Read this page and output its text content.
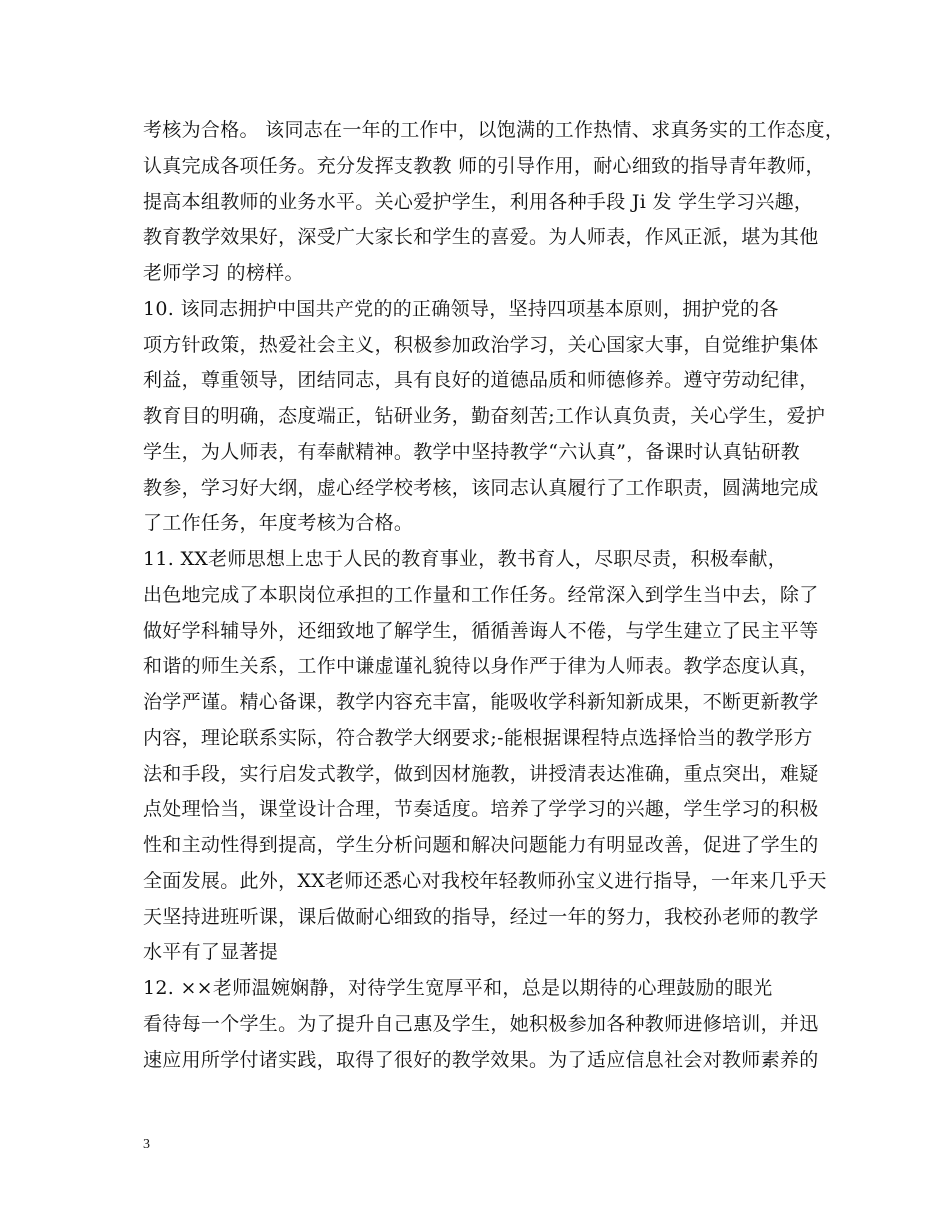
考核为合格。 该同志在一年的工作中，以饱满的工作热情、求真务实的工作态度，
认真完成各项任务。充分发挥支教教 师的引导作用，耐心细致的指导青年教师，
提高本组教师的业务水平。关心爱护学生，利用各种手段 Ji 发 学生学习兴趣，
教育教学效果好，深受广大家长和学生的喜爱。为人师表，作风正派，堪为其他
老师学习 的榜样。
10. 该同志拥护中国共产党的的正确领导，坚持四项基本原则，拥护党的各
项方针政策，热爱社会主义，积极参加政治学习，关心国家大事，自觉维护集体
利益，尊重领导，团结同志，具有良好的道德品质和师德修养。遵守劳动纪律，
教育目的明确，态度端正，钻研业务，勤奋刻苦;工作认真负责，关心学生，爱护
学生，为人师表，有奉献精神。教学中坚持教学“六认真”，备课时认真钻研教
教参，学习好大纲，虚心经学校考核，该同志认真履行了工作职责，圆满地完成
了工作任务，年度考核为合格。
11. XX老师思想上忠于人民的教育事业，教书育人，尽职尽责，积极奉献，
出色地完成了本职岗位承担的工作量和工作任务。经常深入到学生当中去，除了
做好学科辅导外，还细致地了解学生，循循善诲人不倦，与学生建立了民主平等
和谐的师生关系，工作中谦虚谨礼貌待以身作严于律为人师表。教学态度认真，
治学严谨。精心备课，教学内容充丰富，能吸收学科新知新成果，不断更新教学
内容，理论联系实际，符合教学大纲要求;-能根据课程特点选择恰当的教学形方
法和手段，实行启发式教学，做到因材施教，讲授清表达准确，重点突出，难疑
点处理恰当，课堂设计合理，节奏适度。培养了学学习的兴趣，学生学习的积极
性和主动性得到提高，学生分析问题和解决问题能力有明显改善，促进了学生的
全面发展。此外，XX老师还悉心对我校年轻教师孙宝义进行指导，一年来几乎天
天坚持进班听课，课后做耐心细致的指导，经过一年的努力，我校孙老师的教学
水平有了显著提
12. ××老师温婉娴静，对待学生宽厚平和，总是以期待的心理鼓励的眼光
看待每一个学生。为了提升自己惠及学生，她积极参加各种教师进修培训，并迅
速应用所学付诸实践，取得了很好的教学效果。为了适应信息社会对教师素养的
3
